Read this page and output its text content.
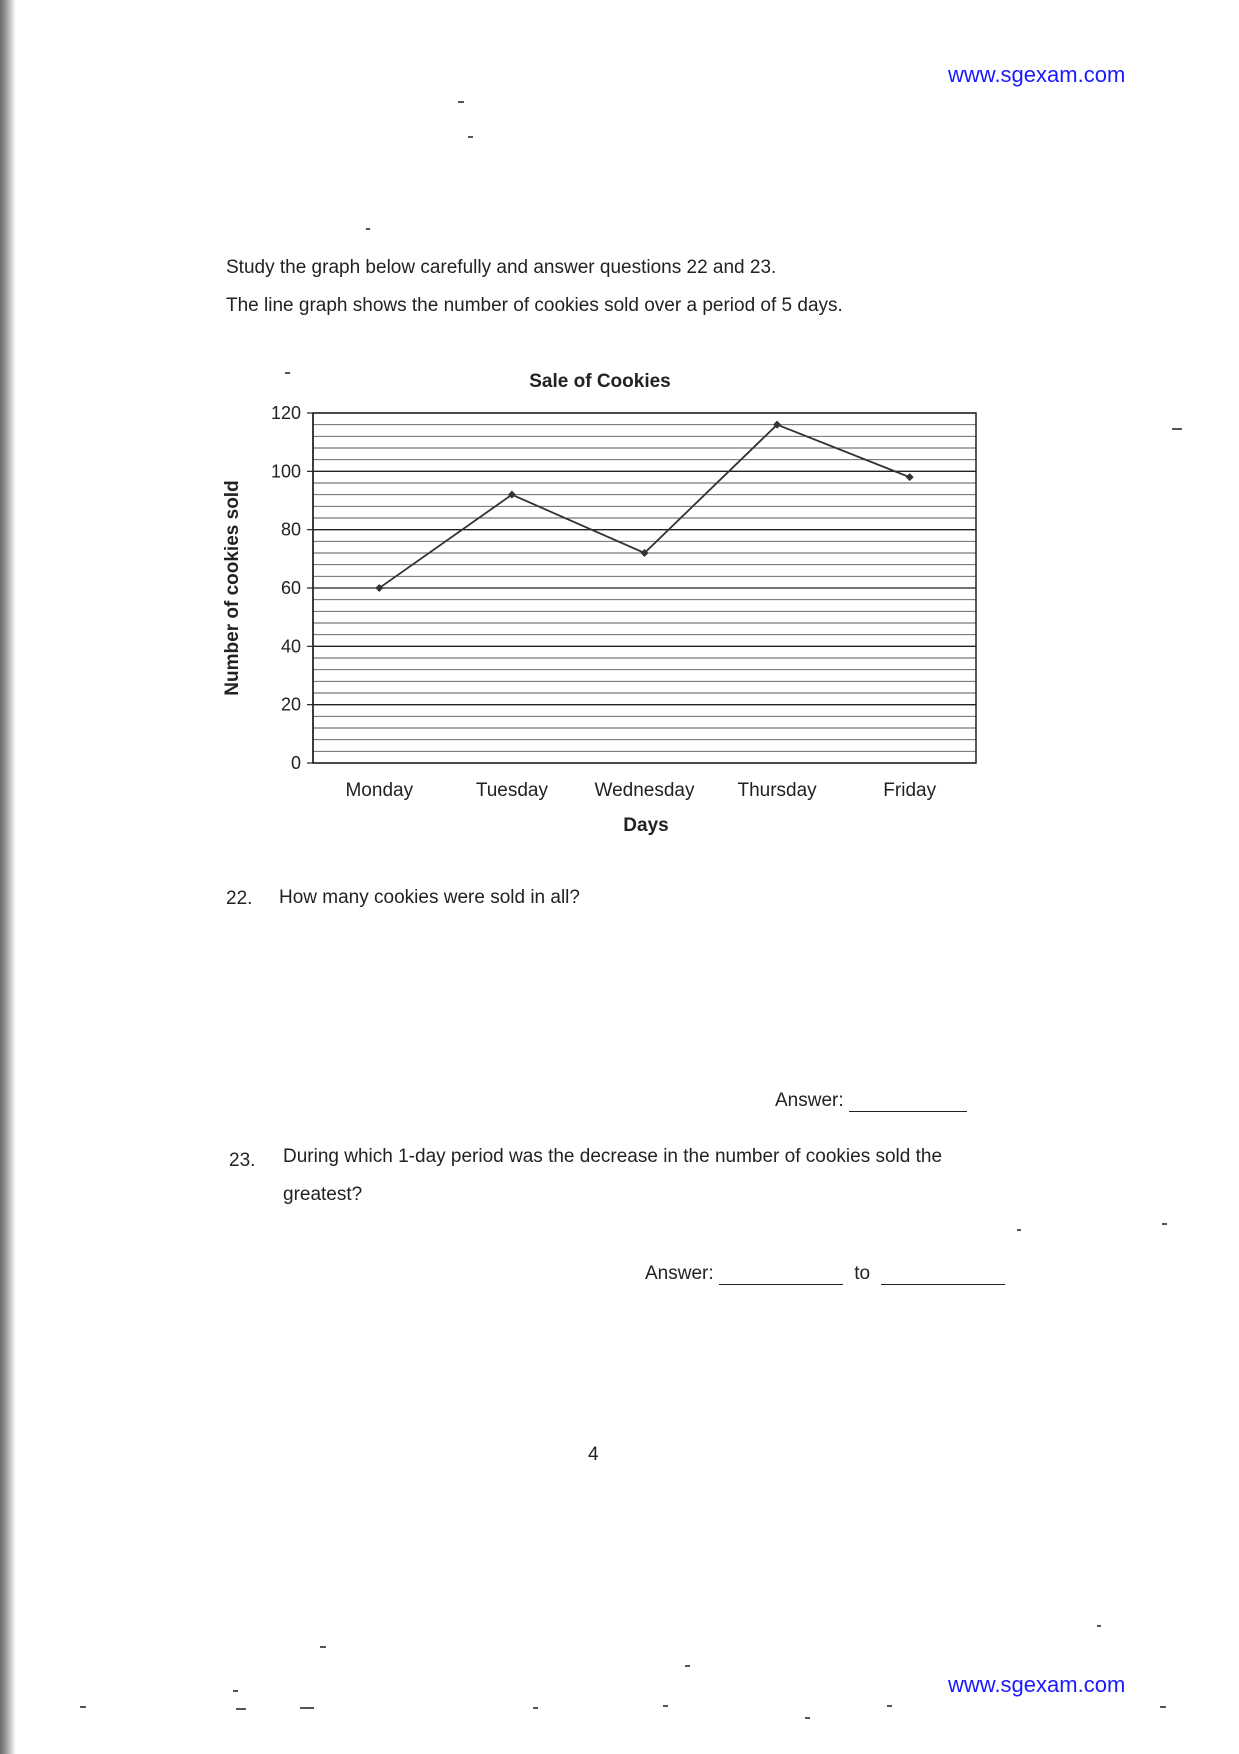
www.sgexam.com
Study the graph below carefully and answer questions 22 and 23.
The line graph shows the number of cookies sold over a period of 5 days.
Sale of Cookies
0
20
40
60
80
100
120
Monday	Tuesday Wednesday Thursday	Friday
Days
Number of cookies sold
22. How many cookies were sold in all?
Answer:
23. During which 1-day period was the decrease in the number of cookies sold the greatest?
Answer:	to
4
www.sgexam.com
